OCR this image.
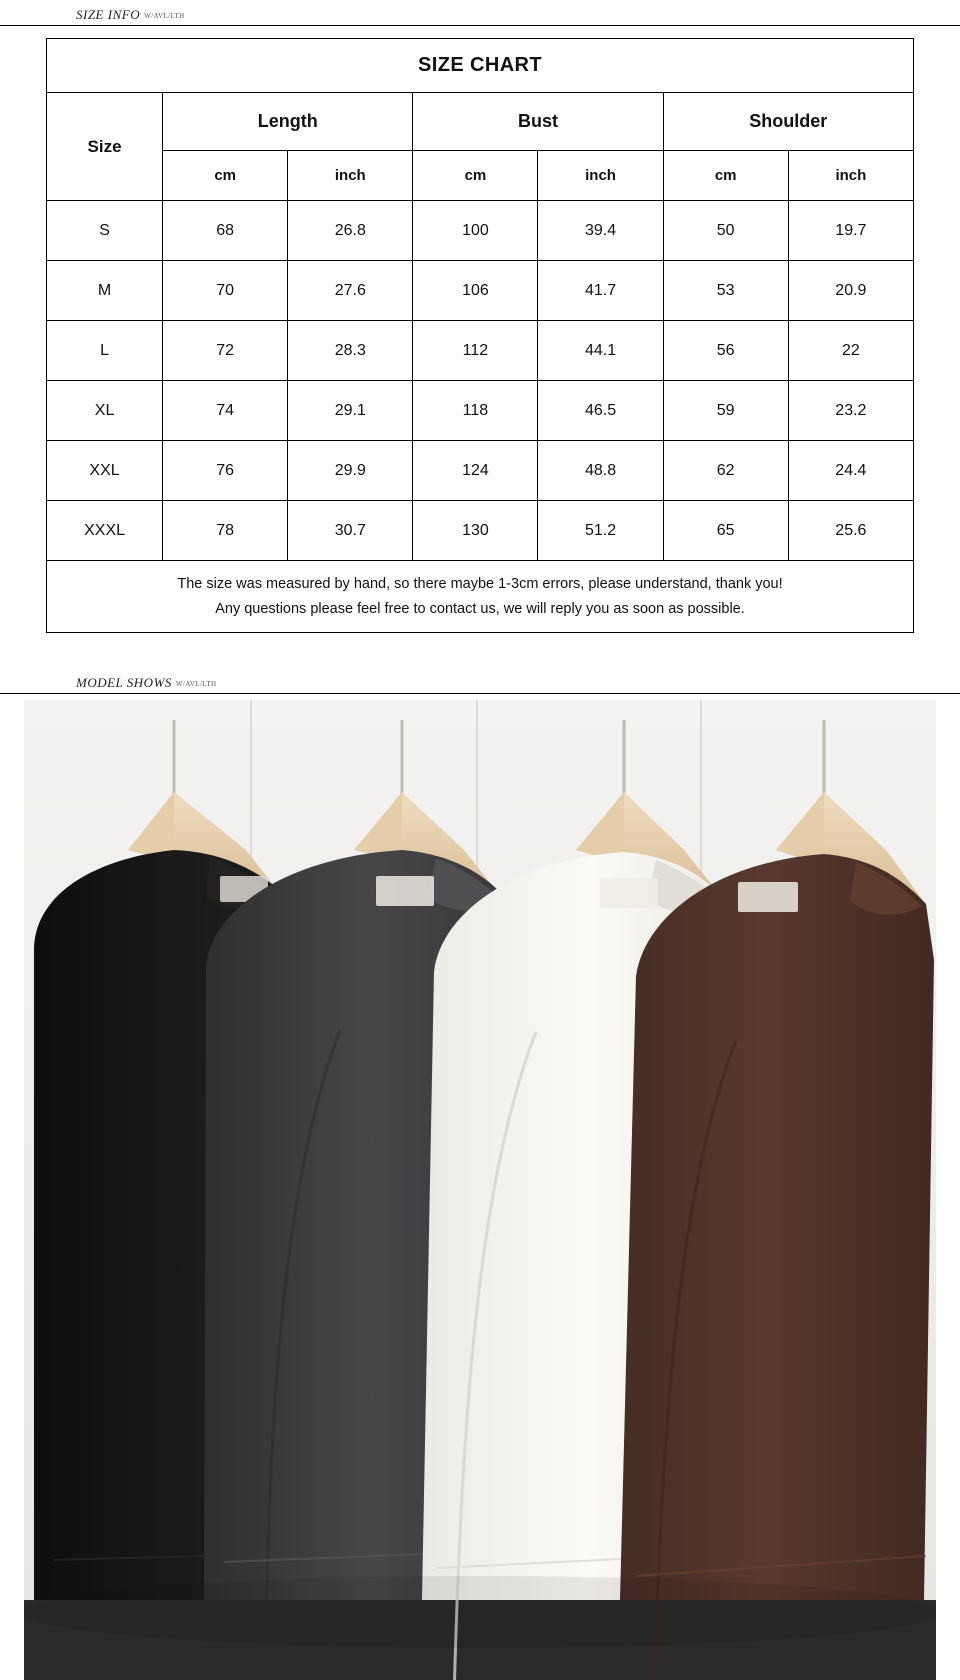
SIZE INFO W/AVL/LTH
SIZE CHART						
Size	Length		Bust		Shoulder	
	cm	inch	cm	inch	cm	inch
S	68	26.8	100	39.4	50	19.7
M	70	27.6	106	41.7	53	20.9
L	72	28.3	112	44.1	56	22
XL	74	29.1	118	46.5	59	23.2
XXL	76	29.9	124	48.8	62	24.4
XXXL	78	30.7	130	51.2	65	25.6

The size was measured by hand, so there maybe 1-3cm errors, please understand, thank you!
Any questions please feel free to contact us, we will reply you as soon as possible.						
MODEL SHOWS W/AVL/LTH
